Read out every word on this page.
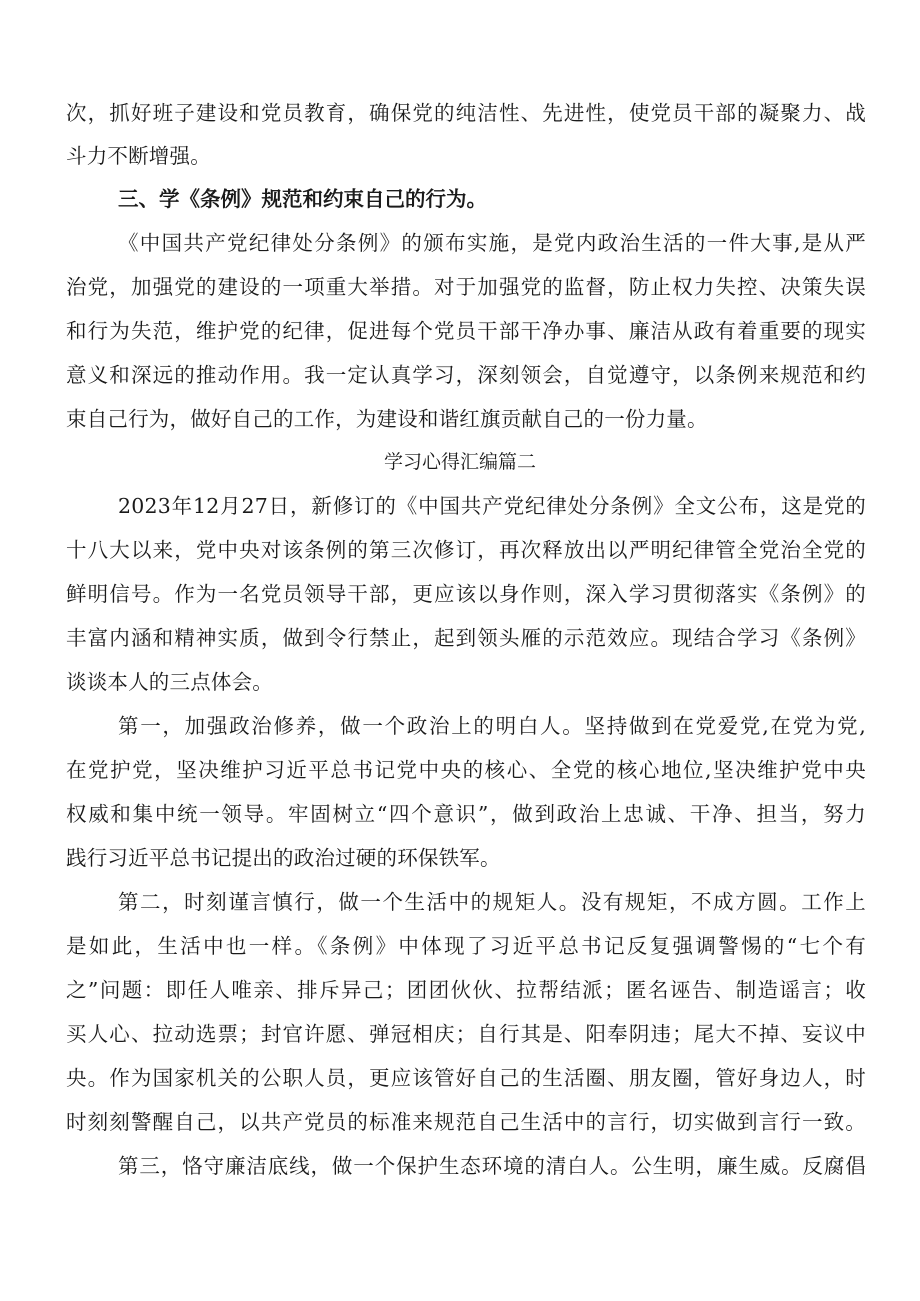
次，抓好班子建设和党员教育，确保党的纯洁性、先进性，使党员干部的凝聚力、战
斗力不断增强。
三、学《条例》规范和约束自己的行为。
《中国共产党纪律处分条例》的颁布实施，是党内政治生活的一件大事,是从严
治党，加强党的建设的一项重大举措。对于加强党的监督，防止权力失控、决策失误
和行为失范，维护党的纪律，促进每个党员干部干净办事、廉洁从政有着重要的现实
意义和深远的推动作用。我一定认真学习，深刻领会，自觉遵守，以条例来规范和约
束自己行为，做好自己的工作，为建设和谐红旗贡献自己的一份力量。
学习心得汇编篇二
2023年12月27日，新修订的《中国共产党纪律处分条例》全文公布，这是党的
十八大以来，党中央对该条例的第三次修订，再次释放出以严明纪律管全党治全党的
鲜明信号。作为一名党员领导干部，更应该以身作则，深入学习贯彻落实《条例》的
丰富内涵和精神实质，做到令行禁止，起到领头雁的示范效应。现结合学习《条例》
谈谈本人的三点体会。
第一，加强政治修养，做一个政治上的明白人。坚持做到在党爱党,在党为党,
在党护党，坚决维护习近平总书记党中央的核心、全党的核心地位,坚决维护党中央
权威和集中统一领导。牢固树立“四个意识”，做到政治上忠诚、干净、担当，努力
践行习近平总书记提出的政治过硬的环保铁军。
第二，时刻谨言慎行，做一个生活中的规矩人。没有规矩，不成方圆。工作上
是如此，生活中也一样。《条例》中体现了习近平总书记反复强调警惕的“七个有
之”问题：即任人唯亲、排斥异己；团团伙伙、拉帮结派；匿名诬告、制造谣言；收
买人心、拉动选票；封官许愿、弹冠相庆；自行其是、阳奉阴违；尾大不掉、妄议中
央。作为国家机关的公职人员，更应该管好自己的生活圈、朋友圈，管好身边人，时
时刻刻警醒自己，以共产党员的标准来规范自己生活中的言行，切实做到言行一致。
第三，恪守廉洁底线，做一个保护生态环境的清白人。公生明，廉生威。反腐倡
